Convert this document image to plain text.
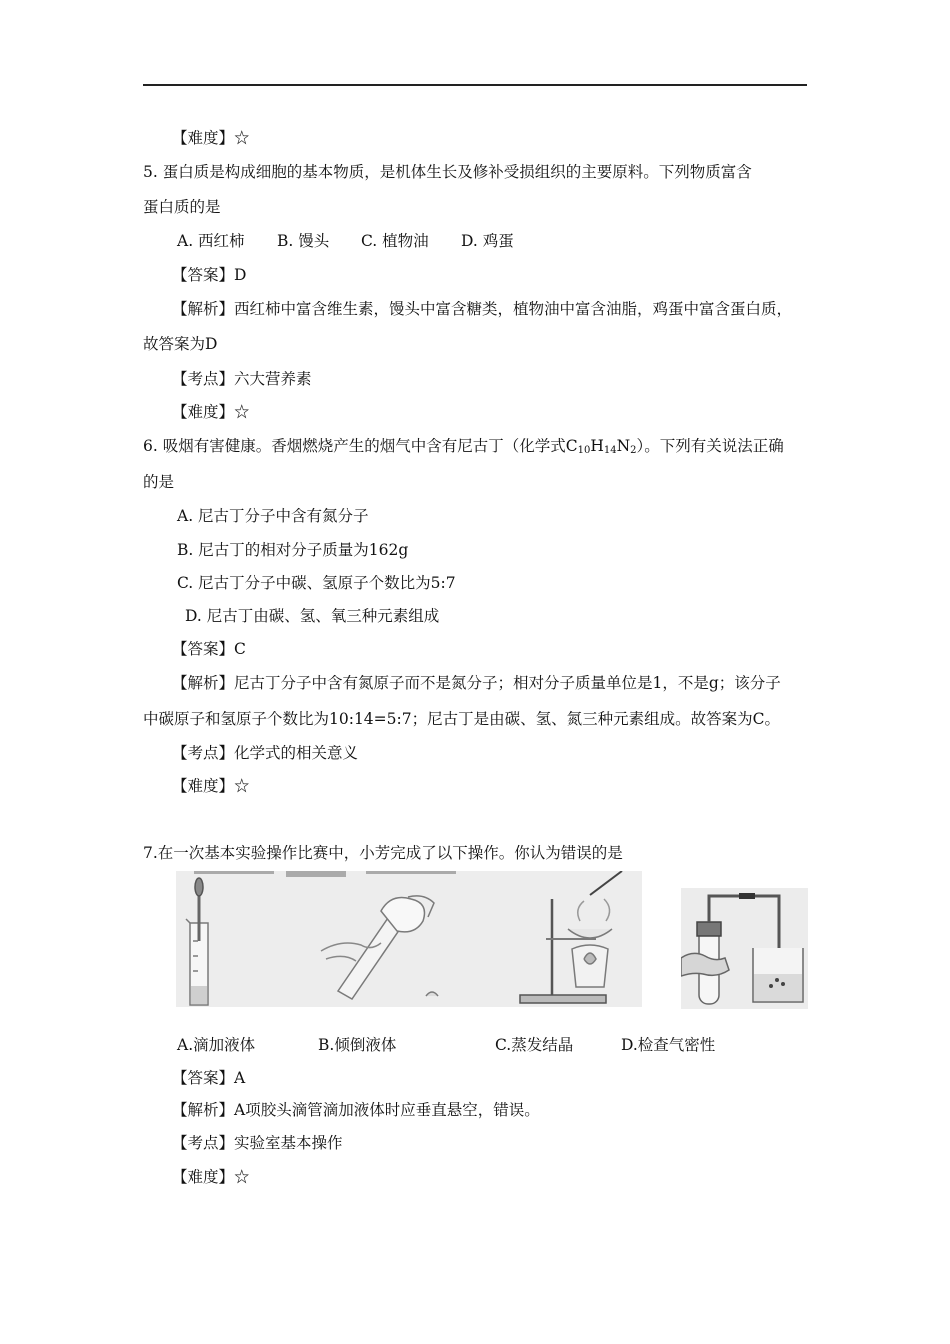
【难度】☆
5. 蛋白质是构成细胞的基本物质，是机体生长及修补受损组织的主要原料。下列物质富含
蛋白质的是
A. 西红柿 B. 馒头 C. 植物油 D. 鸡蛋
【答案】D
【解析】西红柿中富含维生素，馒头中富含糖类，植物油中富含油脂，鸡蛋中富含蛋白质，
故答案为D
【考点】六大营养素
【难度】☆
6. 吸烟有害健康。香烟燃烧产生的烟气中含有尼古丁（化学式$C_{10}H_{14}N_2$）。下列有关说法正确
的是
A. 尼古丁分子中含有氮分子
B. 尼古丁的相对分子质量为162g
C. 尼古丁分子中碳、氢原子个数比为5:7
D. 尼古丁由碳、氢、氧三种元素组成
【答案】C
【解析】尼古丁分子中含有氮原子而不是氮分子；相对分子质量单位是1，不是g；该分子
中碳原子和氢原子个数比为10:14=5:7；尼古丁是由碳、氢、氮三种元素组成。故答案为C。
【考点】化学式的相关意义
【难度】☆
7.在一次基本实验操作比赛中，小芳完成了以下操作。你认为错误的是
A.滴加液体	B.倾倒液体	C.蒸发结晶	D.检查气密性
【答案】A
【解析】A项胶头滴管滴加液体时应垂直悬空，错误。
【考点】实验室基本操作
【难度】☆
